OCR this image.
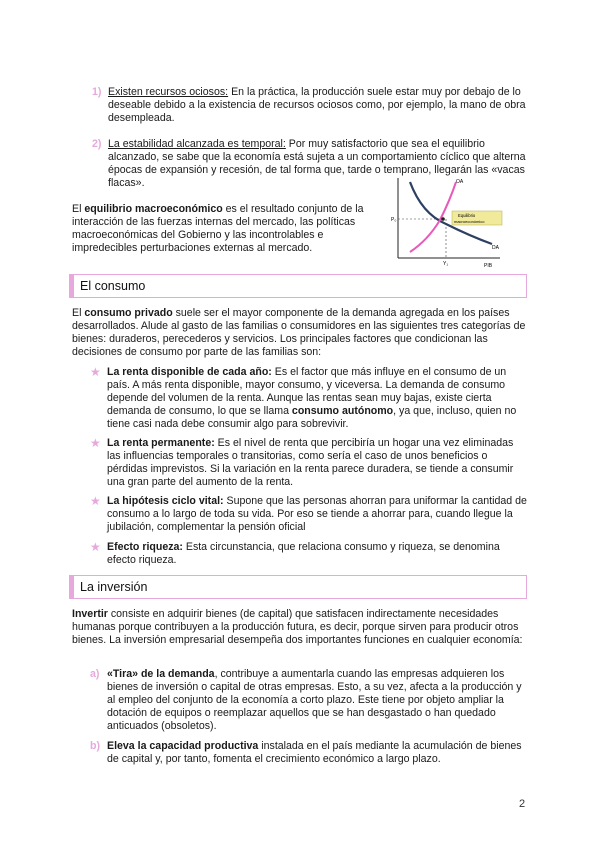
1) Existen recursos ociosos: En la práctica, la producción suele estar muy por debajo de lo deseable debido a la existencia de recursos ociosos como, por ejemplo, la mano de obra desempleada.
2) La estabilidad alcanzada es temporal: Por muy satisfactorio que sea el equilibrio alcanzado, se sabe que la economía está sujeta a un comportamiento cíclico que alterna épocas de expansión y recesión, de tal forma que, tarde o temprano, llegarán las «vacas flacas».
El equilibrio macroeconómico es el resultado conjunto de la interacción de las fuerzas internas del mercado, las políticas macroeconómicas del Gobierno y las incontrolables e impredecibles perturbaciones externas al mercado.
OA
DA
P₀
Y₁	PIB
Equilibrio
macroeconómico
El consumo
El consumo privado suele ser el mayor componente de la demanda agregada en los países desarrollados. Alude al gasto de las familias o consumidores en las siguientes tres categorías de bienes: duraderos, perecederos y servicios. Los principales factores que condicionan las decisiones de consumo por parte de las familias son:
★ La renta disponible de cada año: Es el factor que más influye en el consumo de un país. A más renta disponible, mayor consumo, y viceversa. La demanda de consumo depende del volumen de la renta. Aunque las rentas sean muy bajas, existe cierta demanda de consumo, lo que se llama consumo autónomo, ya que, incluso, quien no tiene casi nada debe consumir algo para sobrevivir.
★ La renta permanente: Es el nivel de renta que percibiría un hogar una vez eliminadas las influencias temporales o transitorias, como sería el caso de unos beneficios o pérdidas imprevistos. Si la variación en la renta parece duradera, se tiende a consumir una gran parte del aumento de la renta.
★ La hipótesis ciclo vital: Supone que las personas ahorran para uniformar la cantidad de consumo a lo largo de toda su vida. Por eso se tiende a ahorrar para, cuando llegue la jubilación, complementar la pensión oficial
★ Efecto riqueza: Esta circunstancia, que relaciona consumo y riqueza, se denomina efecto riqueza.
La inversión
Invertir consiste en adquirir bienes (de capital) que satisfacen indirectamente necesidades humanas porque contribuyen a la producción futura, es decir, porque sirven para producir otros bienes. La inversión empresarial desempeña dos importantes funciones en cualquier economía:
a) «Tira» de la demanda, contribuye a aumentarla cuando las empresas adquieren los bienes de inversión o capital de otras empresas. Esto, a su vez, afecta a la producción y al empleo del conjunto de la economía a corto plazo. Este tiene por objeto ampliar la dotación de equipos o reemplazar aquellos que se han desgastado o han quedado anticuados (obsoletos).
b) Eleva la capacidad productiva instalada en el país mediante la acumulación de bienes de capital y, por tanto, fomenta el crecimiento económico a largo plazo.
2
